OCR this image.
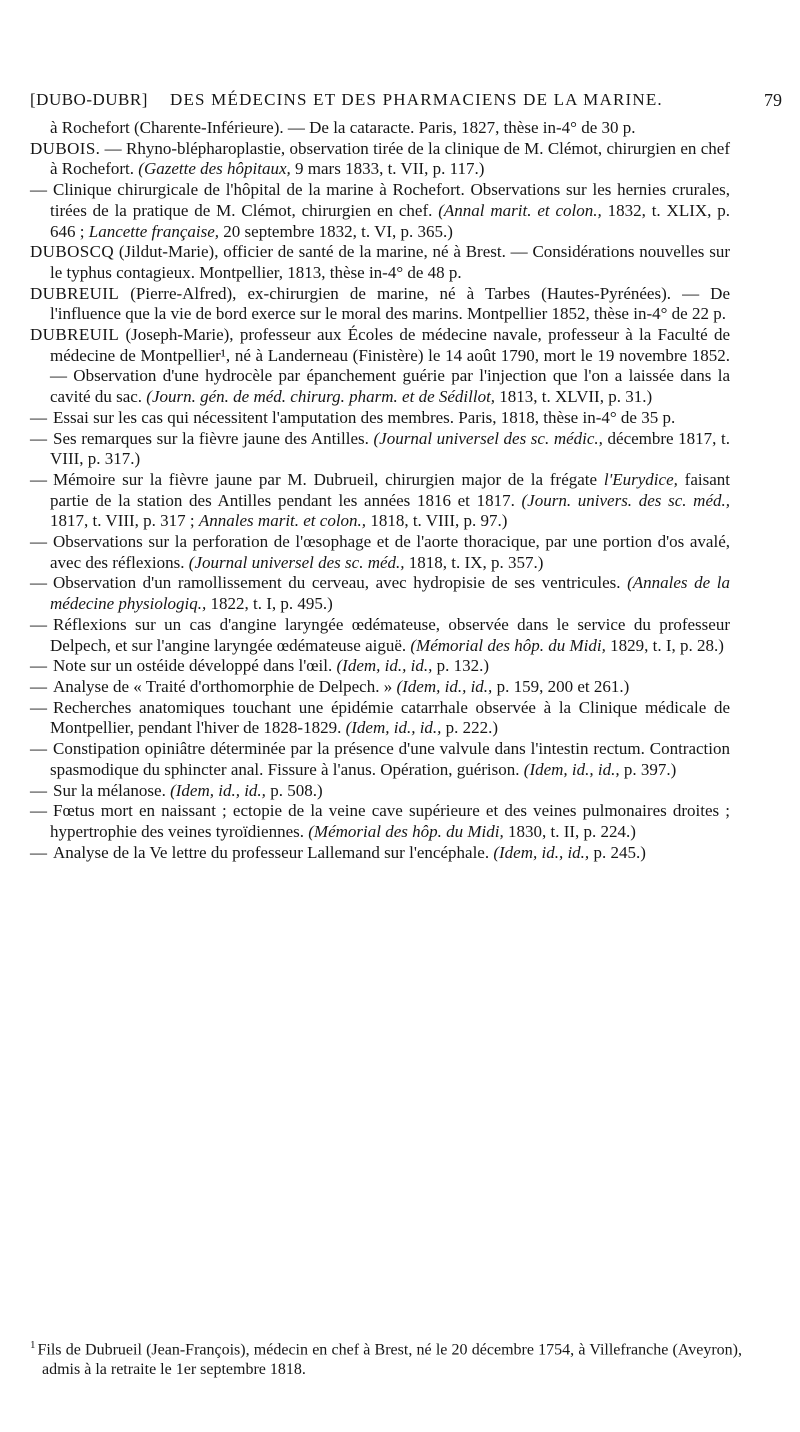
[DUBO-DUBR] DES MÉDECINS ET DES PHARMACIENS DE LA MARINE.	79

à Rochefort (Charente-Inférieure). — De la cataracte. Paris, 1827, thèse in-4° de 30 p.

DUBOIS. — Rhyno-blépharoplastie, observation tirée de la clinique de M. Clémot, chirurgien en chef à Rochefort. (Gazette des hôpitaux, 9 mars 1833, t. VII, p. 117.)

— Clinique chirurgicale de l'hôpital de la marine à Rochefort. Observations sur les hernies crurales, tirées de la pratique de M. Clémot, chirurgien en chef. (Annal marit. et colon., 1832, t. XLIX, p. 646 ; Lancette française, 20 septembre 1832, t. VI, p. 365.)

DUBOSCQ (Jildut-Marie), officier de santé de la marine, né à Brest. — Considérations nouvelles sur le typhus contagieux. Montpellier, 1813, thèse in-4° de 48 p.

DUBREUIL (Pierre-Alfred), ex-chirurgien de marine, né à Tarbes (Hautes-Pyrénées). — De l'influence que la vie de bord exerce sur le moral des marins. Montpellier 1852, thèse in-4° de 22 p.

DUBREUIL (Joseph-Marie), professeur aux Écoles de médecine navale, professeur à la Faculté de médecine de Montpellier¹, né à Landerneau (Finistère) le 14 août 1790, mort le 19 novembre 1852. — Observation d'une hydrocèle par épanchement guérie par l'injection que l'on a laissée dans la cavité du sac. (Journ. gén. de méd. chirurg. pharm. et de Sédillot, 1813, t. XLVII, p. 31.)

— Essai sur les cas qui nécessitent l'amputation des membres. Paris, 1818, thèse in-4° de 35 p.

— Ses remarques sur la fièvre jaune des Antilles. (Journal universel des sc. médic., décembre 1817, t. VIII, p. 317.)

— Mémoire sur la fièvre jaune par M. Dubrueil, chirurgien major de la frégate l'Eurydice, faisant partie de la station des Antilles pendant les années 1816 et 1817. (Journ. univers. des sc. méd., 1817, t. VIII, p. 317 ; Annales marit. et colon., 1818, t. VIII, p. 97.)

— Observations sur la perforation de l'œsophage et de l'aorte thoracique, par une portion d'os avalé, avec des réflexions. (Journal universel des sc. méd., 1818, t. IX, p. 357.)

— Observation d'un ramollissement du cerveau, avec hydropisie de ses ventricules. (Annales de la médecine physiologiq., 1822, t. I, p. 495.)

— Réflexions sur un cas d'angine laryngée œdémateuse, observée dans le service du professeur Delpech, et sur l'angine laryngée œdémateuse aiguë. (Mémorial des hôp. du Midi, 1829, t. I, p. 28.)

— Note sur un ostéide développé dans l'œil. (Idem, id., id., p. 132.)

— Analyse de « Traité d'orthomorphie de Delpech. » (Idem, id., id., p. 159, 200 et 261.)

— Recherches anatomiques touchant une épidémie catarrhale observée à la Clinique médicale de Montpellier, pendant l'hiver de 1828-1829. (Idem, id., id., p. 222.)

— Constipation opiniâtre déterminée par la présence d'une valvule dans l'intestin rectum. Contraction spasmodique du sphincter anal. Fissure à l'anus. Opération, guérison. (Idem, id., id., p. 397.)

— Sur la mélanose. (Idem, id., id., p. 508.)

— Fœtus mort en naissant ; ectopie de la veine cave supérieure et des veines pulmonaires droites ; hypertrophie des veines tyroïdiennes. (Mémorial des hôp. du Midi, 1830, t. II, p. 224.)

— Analyse de la Ve lettre du professeur Lallemand sur l'encéphale. (Idem, id., id., p. 245.)

$^1$ Fils de Dubrueil (Jean-François), médecin en chef à Brest, né le 20 décembre 1754, à Villefranche (Aveyron), admis à la retraite le 1er septembre 1818.
